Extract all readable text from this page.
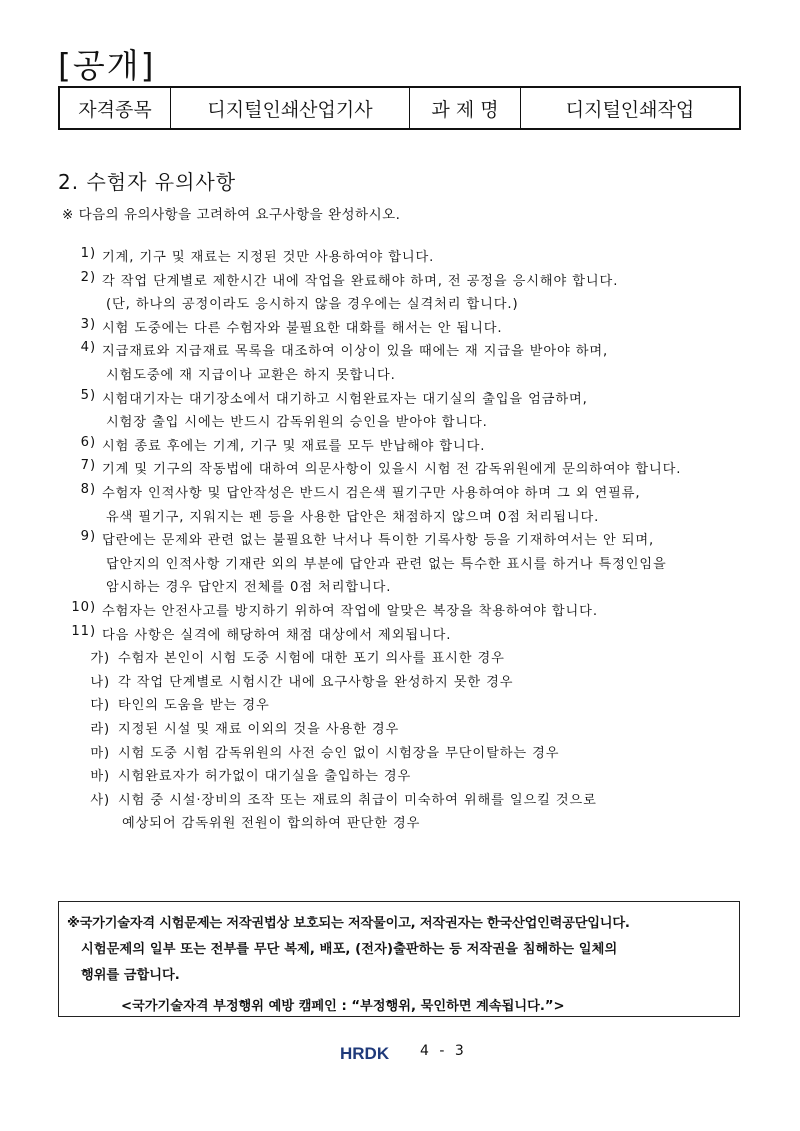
[공개]
자격종목	디지털인쇄산업기사	과 제 명	디지털인쇄작업
2. 수험자 유의사항
※ 다음의 유의사항을 고려하여 요구사항을 완성하시오.
1) 기계, 기구 및 재료는 지정된 것만 사용하여야 합니다.
2) 각 작업 단계별로 제한시간 내에 작업을 완료해야 하며, 전 공정을 응시해야 합니다.
(단, 하나의 공정이라도 응시하지 않을 경우에는 실격처리 합니다.)
3) 시험 도중에는 다른 수험자와 불필요한 대화를 해서는 안 됩니다.
4) 지급재료와 지급재료 목록을 대조하여 이상이 있을 때에는 재 지급을 받아야 하며,
시험도중에 재 지급이나 교환은 하지 못합니다.
5) 시험대기자는 대기장소에서 대기하고 시험완료자는 대기실의 출입을 엄금하며,
시험장 출입 시에는 반드시 감독위원의 승인을 받아야 합니다.
6) 시험 종료 후에는 기계, 기구 및 재료를 모두 반납해야 합니다.
7) 기계 및 기구의 작동법에 대하여 의문사항이 있을시 시험 전 감독위원에게 문의하여야 합니다.
8) 수험자 인적사항 및 답안작성은 반드시 검은색 필기구만 사용하여야 하며 그 외 연필류,
유색 필기구, 지워지는 펜 등을 사용한 답안은 채점하지 않으며 0점 처리됩니다.
9) 답란에는 문제와 관련 없는 불필요한 낙서나 특이한 기록사항 등을 기재하여서는 안 되며,
답안지의 인적사항 기재란 외의 부분에 답안과 관련 없는 특수한 표시를 하거나 특정인임을
암시하는 경우 답안지 전체를 0점 처리합니다.
10) 수험자는 안전사고를 방지하기 위하여 작업에 알맞은 복장을 착용하여야 합니다.
11) 다음 사항은 실격에 해당하여 채점 대상에서 제외됩니다.
가) 수험자 본인이 시험 도중 시험에 대한 포기 의사를 표시한 경우
나) 각 작업 단계별로 시험시간 내에 요구사항을 완성하지 못한 경우
다) 타인의 도움을 받는 경우
라) 지정된 시설 및 재료 이외의 것을 사용한 경우
마) 시험 도중 시험 감독위원의 사전 승인 없이 시험장을 무단이탈하는 경우
바) 시험완료자가 허가없이 대기실을 출입하는 경우
사) 시험 중 시설·장비의 조작 또는 재료의 취급이 미숙하여 위해를 일으킬 것으로
예상되어 감독위원 전원이 합의하여 판단한 경우
※국가기술자격 시험문제는 저작권법상 보호되는 저작물이고, 저작권자는 한국산업인력공단입니다.
시험문제의 일부 또는 전부를 무단 복제, 배포, (전자)출판하는 등 저작권을 침해하는 일체의
행위를 금합니다.
<국가기술자격 부정행위 예방 캠페인 : “부정행위, 묵인하면 계속됩니다.”>
HRDK 4 - 3
